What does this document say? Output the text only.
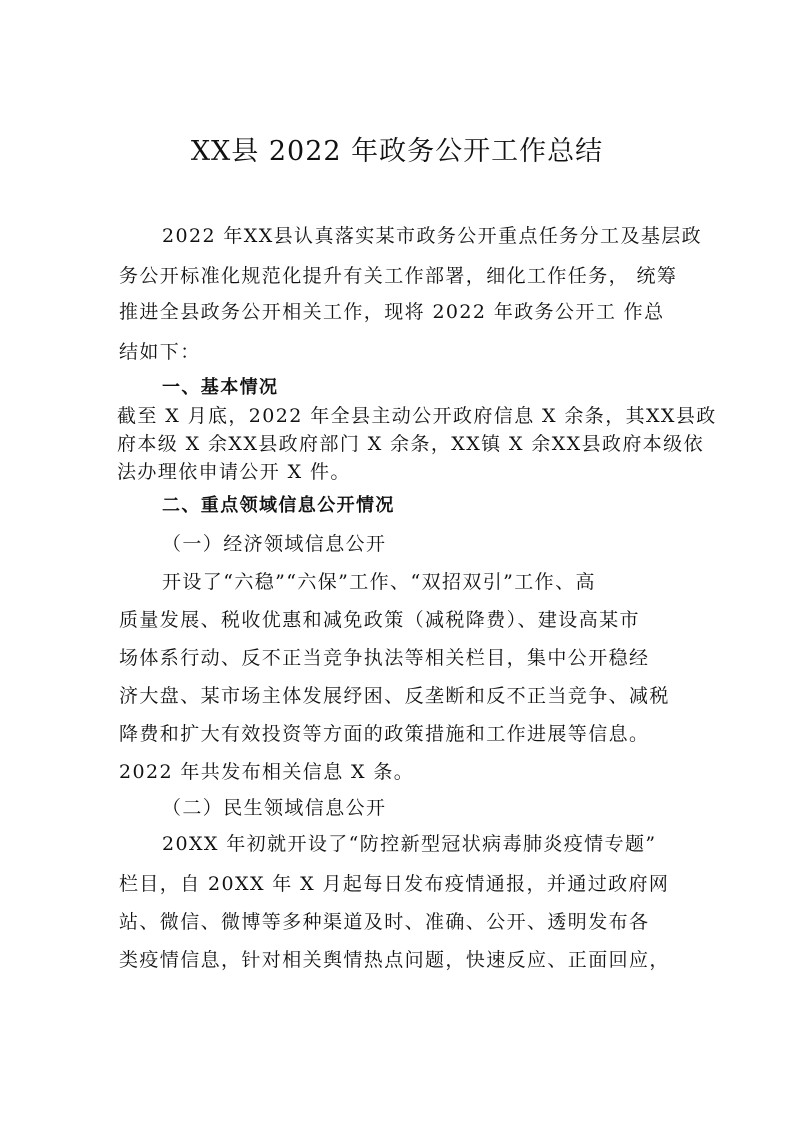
XX县 2022 年政务公开工作总结
2022 年XX县认真落实某市政务公开重点任务分工及基层政
务公开标准化规范化提升有关工作部署，细化工作任务， 统筹
推进全县政务公开相关工作，现将 2022 年政务公开工 作总
结如下：
一、基本情况
截至 X 月底，2022 年全县主动公开政府信息 X 余条，其XX县政
府本级 X 余XX县政府部门 X 余条，XX镇 X 余XX县政府本级依
法办理依申请公开 X 件。
二、重点领域信息公开情况
（一）经济领域信息公开
开设了“六稳”“六保”工作、“双招双引”工作、高
质量发展、税收优惠和减免政策（减税降费）、建设高某市
场体系行动、反不正当竞争执法等相关栏目，集中公开稳经
济大盘、某市场主体发展纾困、反垄断和反不正当竞争、减税
降费和扩大有效投资等方面的政策措施和工作进展等信息。
2022 年共发布相关信息 X 条。
（二）民生领域信息公开
20XX 年初就开设了“防控新型冠状病毒肺炎疫情专题”
栏目，自 20XX 年 X 月起每日发布疫情通报，并通过政府网
站、微信、微博等多种渠道及时、准确、公开、透明发布各
类疫情信息，针对相关舆情热点问题，快速反应、正面回应，
